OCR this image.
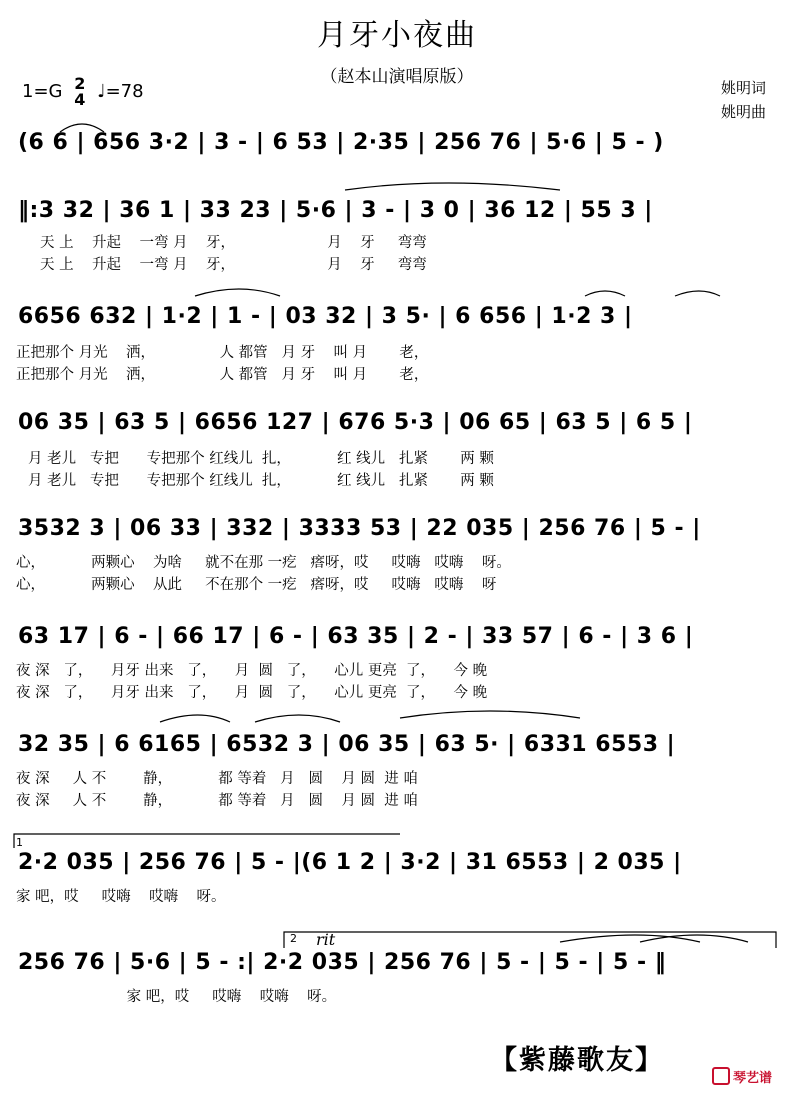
月牙小夜曲
（赵本山演唱原版）
1=G 2
4 ♩=78	姚明词
姚明曲
(6 6 | 656 3·2 | 3 - | 6 53 | 2·35 | 256 76 | 5·6 | 5 - )
‖:3 32 | 36 1 | 33 23 | 5·6 | 3 - | 3 0 | 36 12 | 55 3 |
天 上    升起    一弯 月    牙，                    月    牙     弯弯
天 上    升起    一弯 月    牙，                    月    牙     弯弯
6656 632 | 1·2 | 1 - | 03 32 | 3 5· | 6 656 | 1·2 3 |
正把那个 月光    洒，              人 都管   月 牙    叫 月       老，
正把那个 月光    洒，              人 都管   月 牙    叫 月       老，
06 35 | 63 5 | 6656 127 | 676 5·3 | 06 65 | 63 5 | 6 5 |
月 老儿   专把      专把那个 红线儿  扎，          红 线儿   扎紧       两 颗
月 老儿   专把      专把那个 红线儿  扎，          红 线儿   扎紧       两 颗
3532 3 | 06 33 | 332 | 3333 53 | 22 035 | 256 76 | 5 - |
心，          两颗心    为啥     就不在那 一疙   瘩呀，哎     哎嗨   哎嗨    呀。
心，          两颗心    从此     不在那个 一疙   瘩呀，哎     哎嗨   哎嗨    呀
63 17 | 6 - | 66 17 | 6 - | 63 35 | 2 - | 33 57 | 6 - | 3 6 |
夜 深   了，    月牙 出来   了，    月  圆   了，    心儿 更亮  了，    今 晚
夜 深   了，    月牙 出来   了，    月  圆   了，    心儿 更亮  了，    今 晚
32 35 | 6 6165 | 6532 3 | 06 35 | 63 5· | 6331 6553 |
夜 深     人 不        静，          都 等着   月   圆    月 圆  进 咱
夜 深     人 不        静，          都 等着   月   圆    月 圆  进 咱
1
2·2 035 | 256 76 | 5 - |(6 1 2 | 3·2 | 31 6553 | 2 035 |
家 吧，哎     哎嗨    哎嗨    呀。
2 rit
256 76 | 5·6 | 5 - :| 2·2 035 | 256 76 | 5 - | 5 - | 5 - ‖
家 吧，哎     哎嗨    哎嗨    呀。
【紫藤歌友】
琴艺谱
